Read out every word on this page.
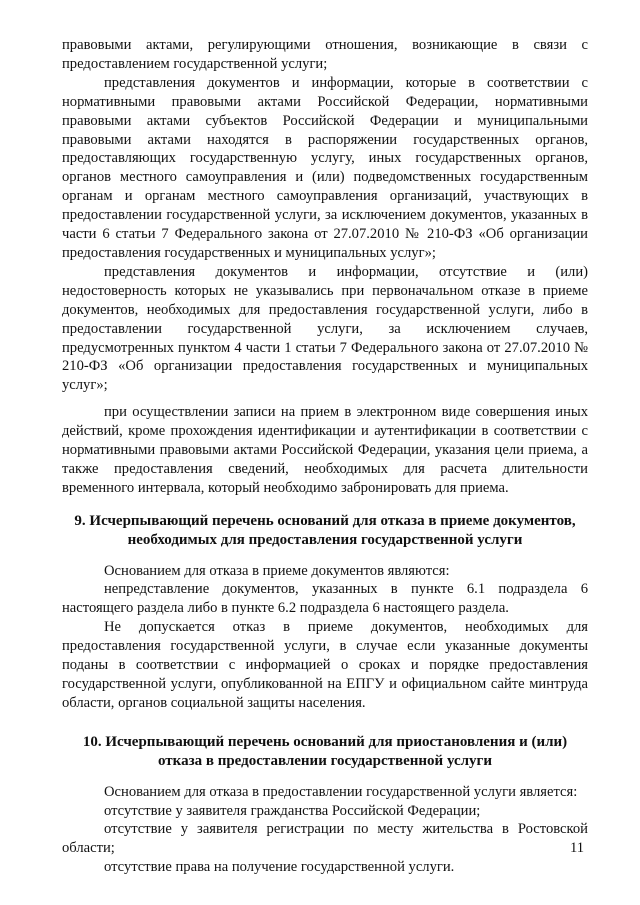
правовыми актами, регулирующими отношения, возникающие в связи с предоставлением государственной услуги;

представления документов и информации, которые в соответствии с нормативными правовыми актами Российской Федерации, нормативными правовыми актами субъектов Российской Федерации и муниципальными правовыми актами находятся в распоряжении государственных органов, предоставляющих государственную услугу, иных государственных органов, органов местного самоуправления и (или) подведомственных государственным органам и органам местного самоуправления организаций, участвующих в предоставлении государственной услуги, за исключением документов, указанных в части 6 статьи 7 Федерального закона от 27.07.2010 № 210-ФЗ «Об организации предоставления государственных и муниципальных услуг»;

представления документов и информации, отсутствие и (или) недостоверность которых не указывались при первоначальном отказе в приеме документов, необходимых для предоставления государственной услуги, либо в предоставлении государственной услуги, за исключением случаев, предусмотренных пунктом 4 части 1 статьи 7 Федерального закона от 27.07.2010 № 210-ФЗ «Об организации предоставления государственных и муниципальных услуг»;

при осуществлении записи на прием в электронном виде совершения иных действий, кроме прохождения идентификации и аутентификации в соответствии с нормативными правовыми актами Российской Федерации, указания цели приема, а также предоставления сведений, необходимых для расчета длительности временного интервала, который необходимо забронировать для приема.

9. Исчерпывающий перечень оснований для отказа в приеме документов, необходимых для предоставления государственной услуги

Основанием для отказа в приеме документов являются:

непредставление документов, указанных в пункте 6.1 подраздела 6 настоящего раздела либо в пункте 6.2 подраздела 6 настоящего раздела.

Не допускается отказ в приеме документов, необходимых для предоставления государственной услуги, в случае если указанные документы поданы в соответствии с информацией о сроках и порядке предоставления государственной услуги, опубликованной на ЕПГУ и официальном сайте минтруда области, органов социальной защиты населения.

10. Исчерпывающий перечень оснований для приостановления и (или) отказа в предоставлении государственной услуги

Основанием для отказа в предоставлении государственной услуги является:

отсутствие у заявителя гражданства Российской Федерации;

отсутствие у заявителя регистрации по месту жительства в Ростовской области;

отсутствие права на получение государственной услуги.

11
